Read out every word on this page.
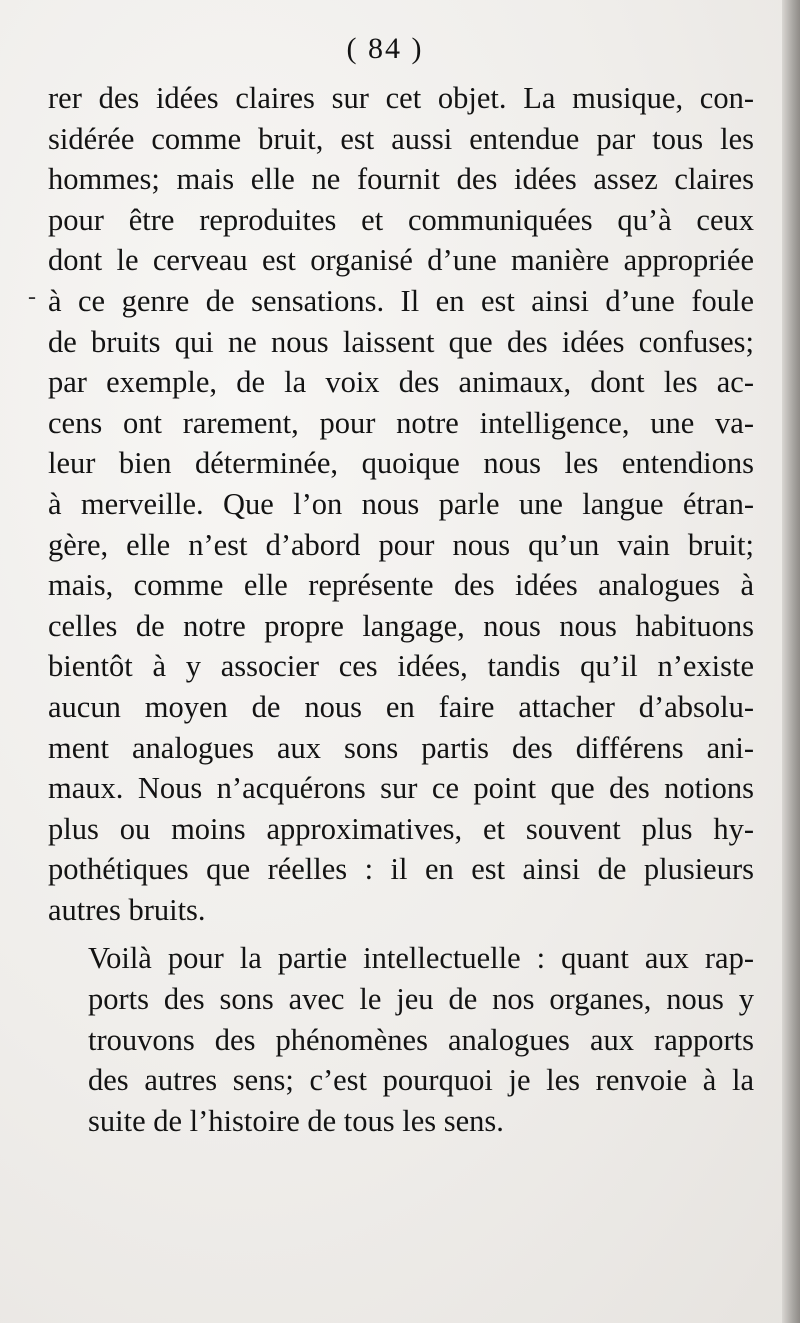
( 84 )
-

rer des idées claires sur cet objet. La musique, con-
sidérée comme bruit, est aussi entendue par tous les
hommes; mais elle ne fournit des idées assez claires
pour être reproduites et communiquées qu’à ceux
dont le cerveau est organisé d’une manière appropriée
à ce genre de sensations. Il en est ainsi d’une foule
de bruits qui ne nous laissent que des idées confuses;
par exemple, de la voix des animaux, dont les ac-
cens ont rarement, pour notre intelligence, une va-
leur bien déterminée, quoique nous les entendions
à merveille. Que l’on nous parle une langue étran-
gère, elle n’est d’abord pour nous qu’un vain bruit;
mais, comme elle représente des idées analogues à
celles de notre propre langage, nous nous habituons
bientôt à y associer ces idées, tandis qu’il n’existe
aucun moyen de nous en faire attacher d’absolu-
ment analogues aux sons partis des différens ani-
maux. Nous n’acquérons sur ce point que des notions
plus ou moins approximatives, et souvent plus hy-
pothétiques que réelles : il en est ainsi de plusieurs
autres bruits.

Voilà pour la partie intellectuelle : quant aux rap-
ports des sons avec le jeu de nos organes, nous y
trouvons des phénomènes analogues aux rapports
des autres sens; c’est pourquoi je les renvoie à la
suite de l’histoire de tous les sens.
